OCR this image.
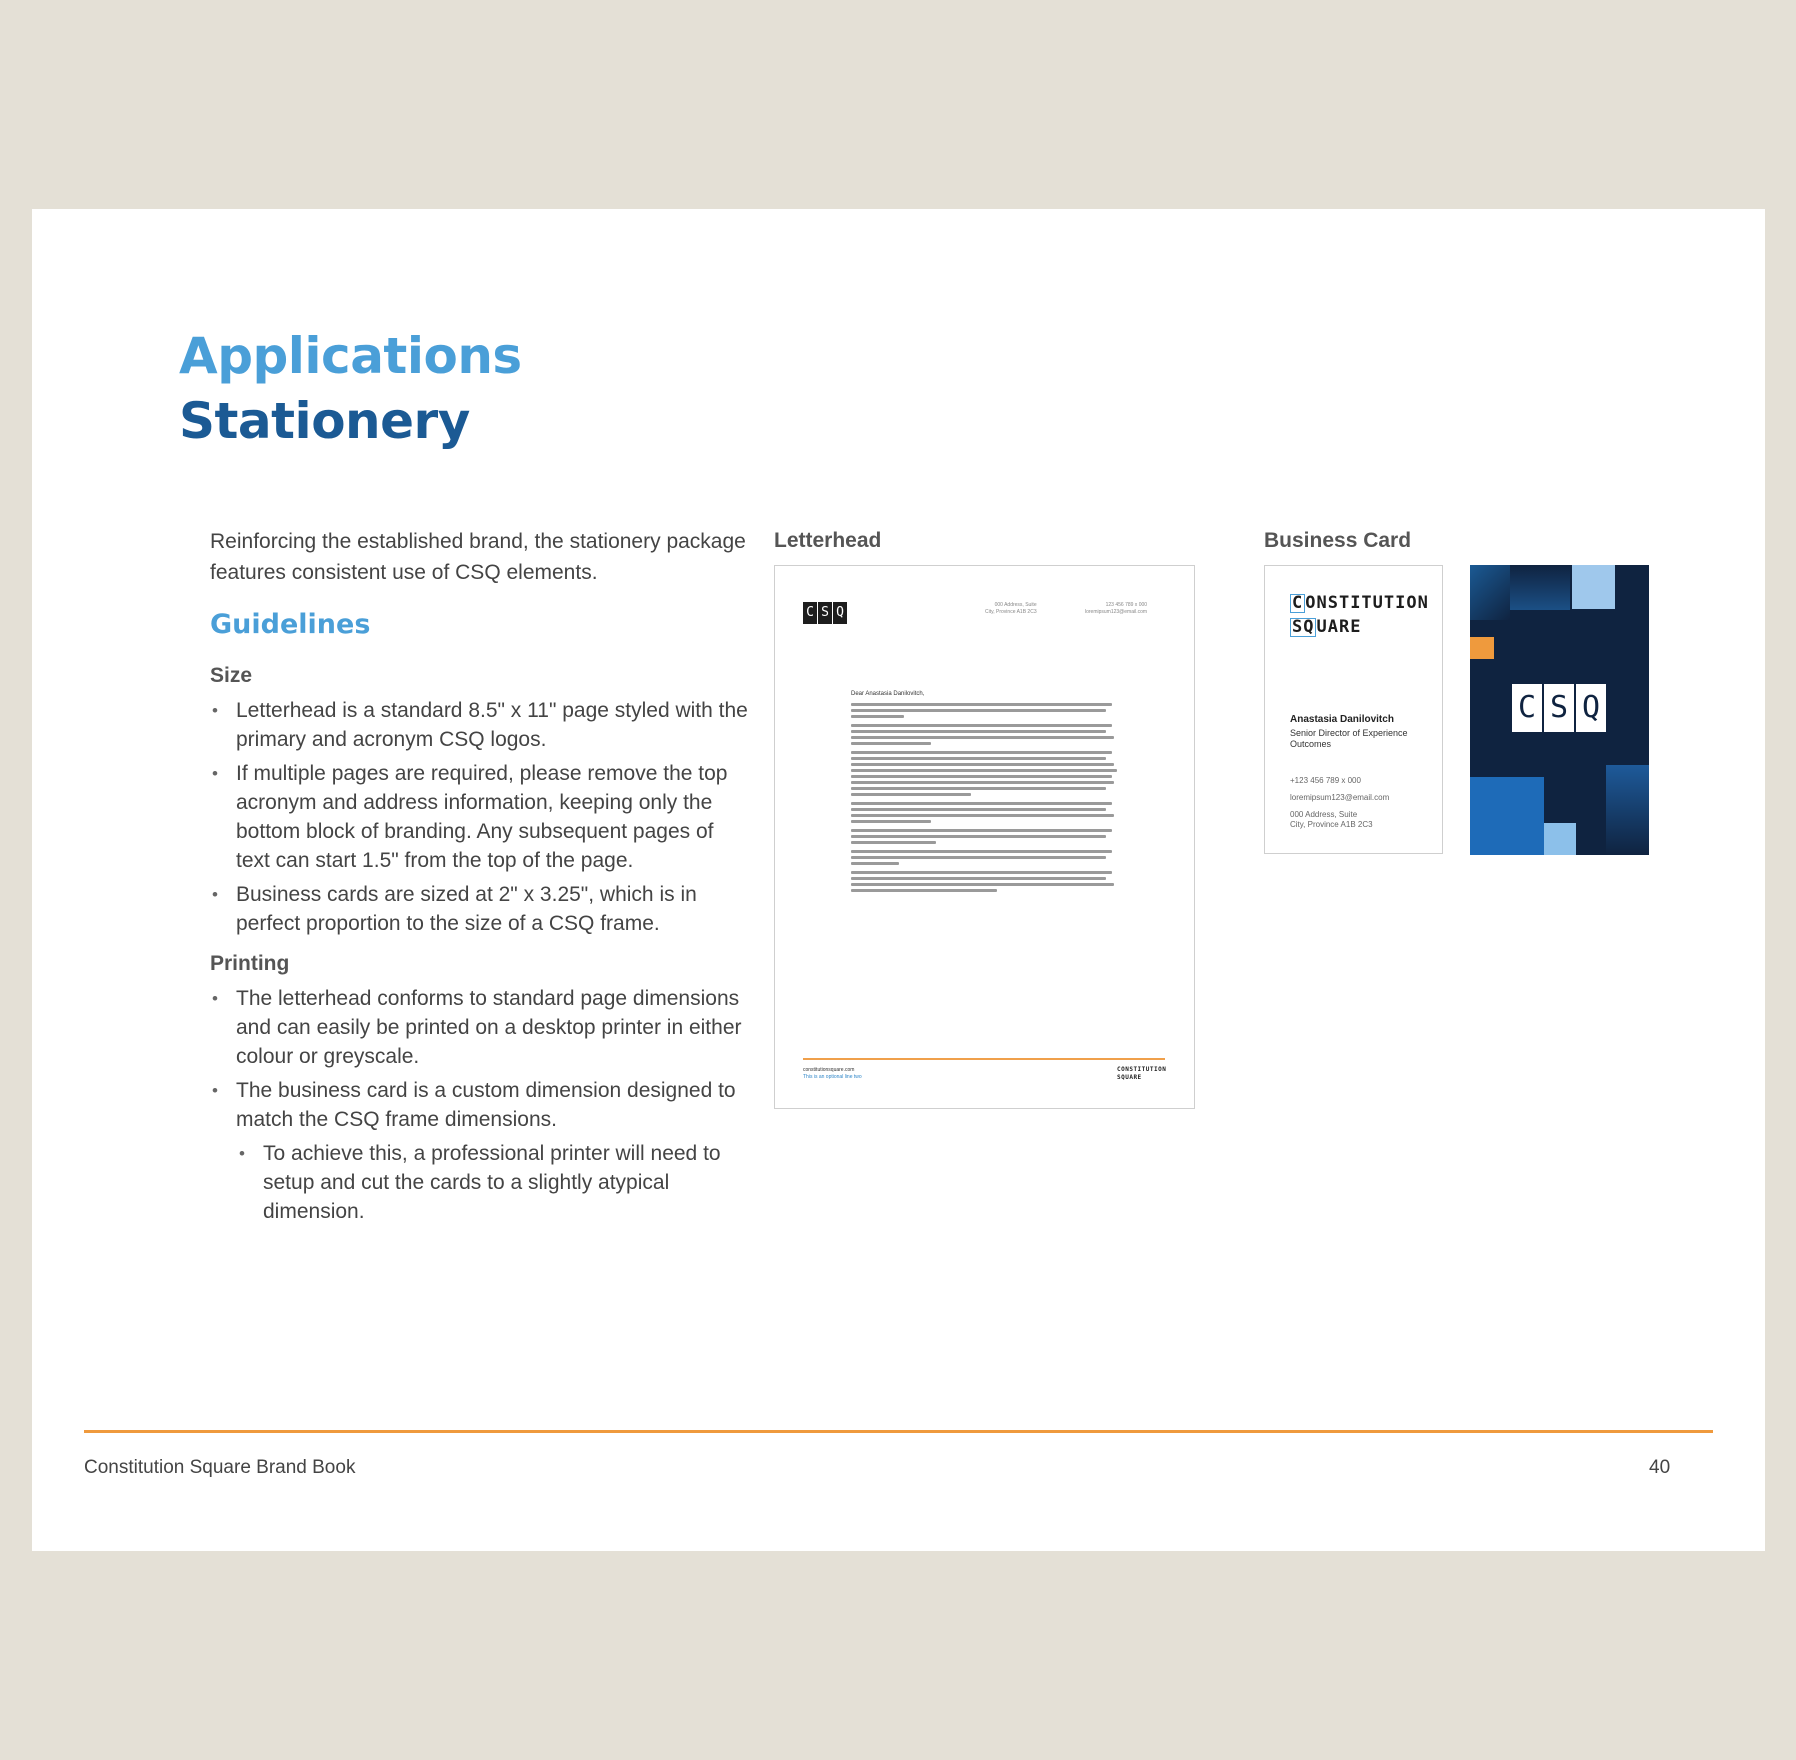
Applications
Stationery
Reinforcing the established brand, the stationery package features consistent use of CSQ elements.
Guidelines
Size
• Letterhead is a standard 8.5" x 11" page styled with the primary and acronym CSQ logos.
• If multiple pages are required, please remove the top acronym and address information, keeping only the bottom block of branding. Any subsequent pages of text can start 1.5" from the top of the page.
• Business cards are sized at 2" x 3.25", which is in perfect proportion to the size of a CSQ frame.
Printing
• The letterhead conforms to standard page dimensions and can easily be printed on a desktop printer in either colour or greyscale.
• The business card is a custom dimension designed to match the CSQ frame dimensions.
• To achieve this, a professional printer will need to setup and cut the cards to a slightly atypical dimension.
Letterhead
C S Q	000 Address, Suite
City, Province A1B 2C3
123 456 789 x 000
loremipsum123@email.com
Dear Anastasia Danilovitch,
constitutionsquare.com
This is an optional line two
CONSTITUTION
SQUARE
Business Card
C ONSTITUTION
SQ UARE
Anastasia Danilovitch
Senior Director of Experience Outcomes
+123 456 789 x 000
loremipsum123@email.com
000 Address, Suite
City, Province A1B 2C3
C S Q
Constitution Square Brand Book	40
